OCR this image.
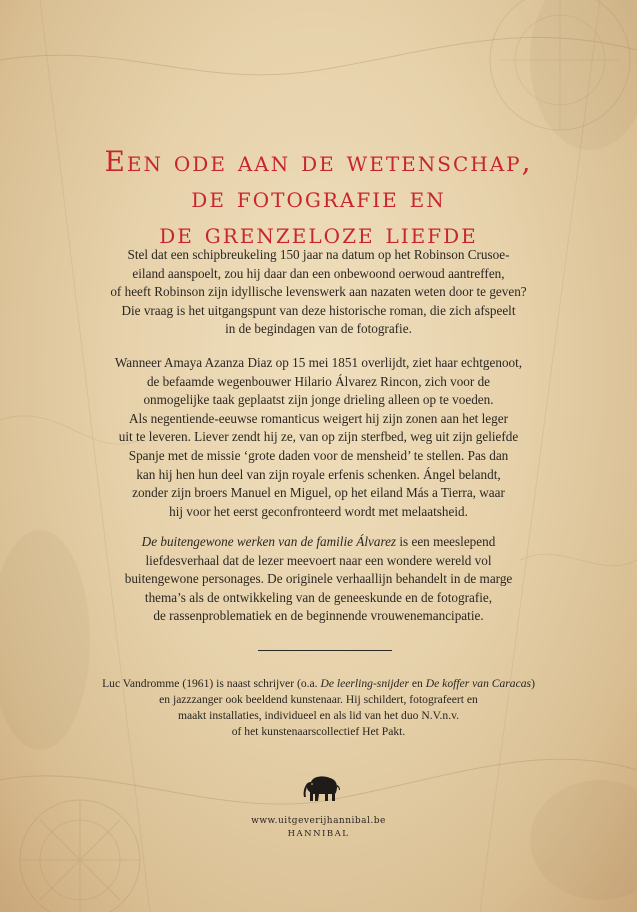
Een ode aan de wetenschap,
de fotografie en
de grenzeloze liefde
Stel dat een schipbreukeling 150 jaar na datum op het Robinson Crusoe-
eiland aanspoelt, zou hij daar dan een onbewoond oerwoud aantreffen,
of heeft Robinson zijn idyllische levenswerk aan nazaten weten door te geven?
Die vraag is het uitgangspunt van deze historische roman, die zich afspeelt
in de begindagen van de fotografie.
Wanneer Amaya Azanza Diaz op 15 mei 1851 overlijdt, ziet haar echtgenoot,
de befaamde wegenbouwer Hilario Álvarez Rincon, zich voor de
onmogelijke taak geplaatst zijn jonge drieling alleen op te voeden.
Als negentiende-eeuwse romanticus weigert hij zijn zonen aan het leger
uit te leveren. Liever zendt hij ze, van op zijn sterfbed, weg uit zijn geliefde
Spanje met de missie ‘grote daden voor de mensheid’ te stellen. Pas dan
kan hij hen hun deel van zijn royale erfenis schenken. Ángel belandt,
zonder zijn broers Manuel en Miguel, op het eiland Más a Tierra, waar
hij voor het eerst geconfronteerd wordt met melaatsheid.
De buitengewone werken van de familie Álvarez is een meeslepend
liefdesverhaal dat de lezer meevoert naar een wondere wereld vol
buitengewone personages. De originele verhaallijn behandelt in de marge
thema’s als de ontwikkeling van de geneeskunde en de fotografie,
de rassenproblematiek en de beginnende vrouwenemancipatie.
Luc Vandromme (1961) is naast schrijver (o.a. De leerling-snijder en De koffer van Caracas)
en jazzzanger ook beeldend kunstenaar. Hij schildert, fotografeert en
maakt installaties, individueel en als lid van het duo N.V.n.v.
of het kunstenaarscollectief Het Pakt.
www.uitgeverijhannibal.be
HANNIBAL
